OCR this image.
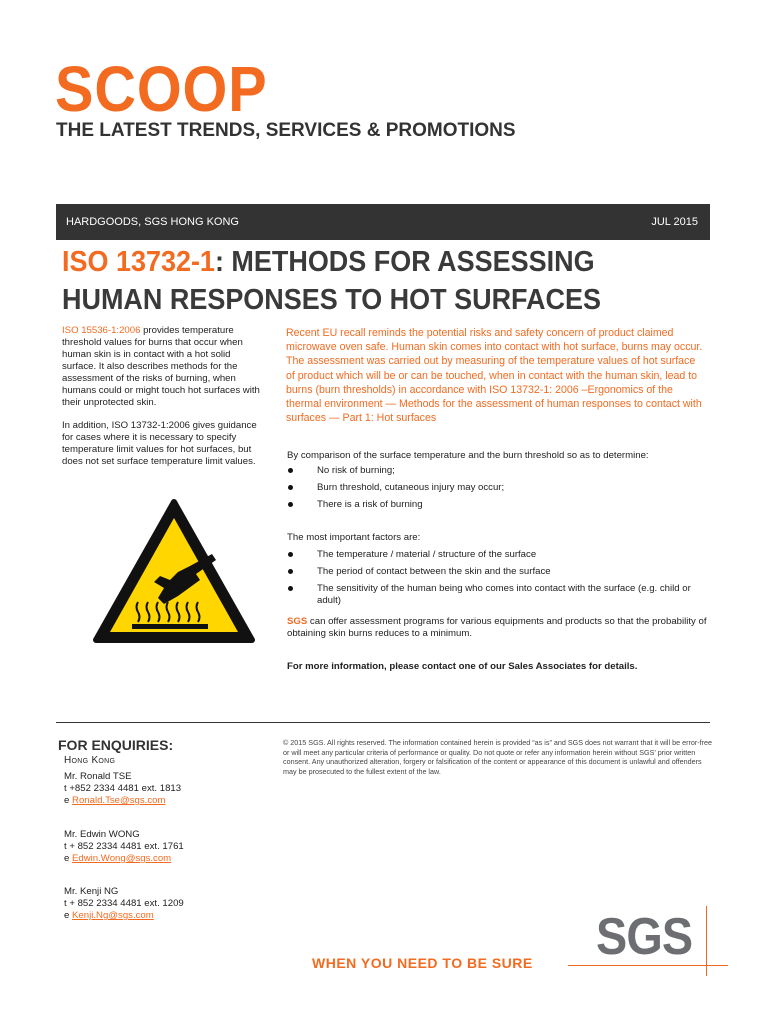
SCOOP
THE LATEST TRENDS, SERVICES & PROMOTIONS
HARDGOODS, SGS HONG KONG	JUL 2015
ISO 13732-1: METHODS FOR ASSESSING
HUMAN RESPONSES TO HOT SURFACES
ISO 15536-1:2006 provides temperature threshold values for burns that occur when human skin is in contact with a hot solid surface. It also describes methods for the assessment of the risks of burning, when humans could or might touch hot surfaces with their unprotected skin.
In addition, ISO 13732-1:2006 gives guidance for cases where it is necessary to specify temperature limit values for hot surfaces, but does not set surface temperature limit values.
Recent EU recall reminds the potential risks and safety concern of product claimed microwave oven safe. Human skin comes into contact with hot surface, burns may occur. The assessment was carried out by measuring of the temperature values of hot surface of product which will be or can be touched, when in contact with the human skin, lead to burns (burn thresholds) in accordance with ISO 13732-1: 2006 –Ergonomics of the thermal environment — Methods for the assessment of human responses to contact with surfaces — Part 1: Hot surfaces
By comparison of the surface temperature and the burn threshold so as to determine:
No risk of burning;
Burn threshold, cutaneous injury may occur;
There is a risk of burning
The most important factors are:
The temperature / material / structure of the surface
The period of contact between the skin and the surface
The sensitivity of the human being who comes into contact with the surface (e.g. child or adult)
SGS can offer assessment programs for various equipments and products so that the probability of obtaining skin burns reduces to a minimum.
For more information, please contact one of our Sales Associates for details.
FOR ENQUIRIES:
Hong Kong
Mr. Ronald TSE
t +852 2334 4481 ext. 1813
e Ronald.Tse@sgs.com
Mr. Edwin WONG
t + 852 2334 4481 ext. 1761
e Edwin.Wong@sgs.com
Mr. Kenji NG
t + 852 2334 4481 ext. 1209
e Kenji.Ng@sgs.com
© 2015 SGS. All rights reserved. The information contained herein is provided “as is” and SGS does not warrant that it will be error-free or will meet any particular criteria of performance or quality. Do not quote or refer any information herein without SGS’ prior written consent. Any unauthorized alteration, forgery or falsification of the content or appearance of this document is unlawful and offenders may be prosecuted to the fullest extent of the law.
WHEN YOU NEED TO BE SURE SGS
